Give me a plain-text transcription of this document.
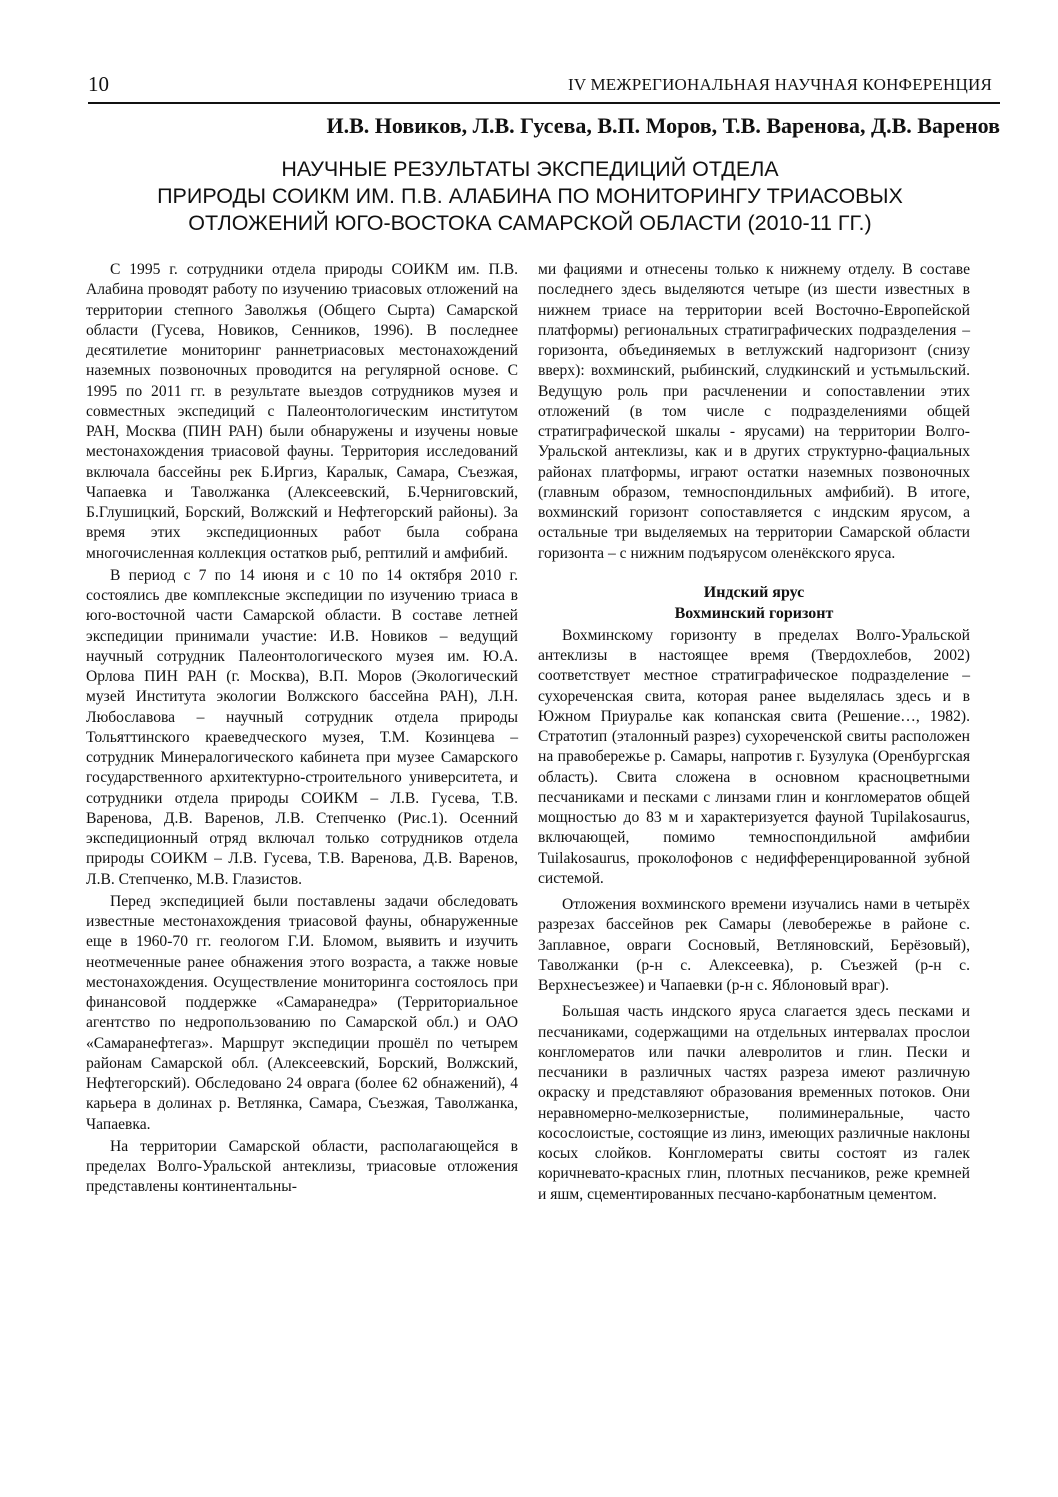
10	IV МЕЖРЕГИОНАЛЬНАЯ НАУЧНАЯ КОНФЕРЕНЦИЯ
И.В. Новиков, Л.В. Гусева, В.П. Моров, Т.В. Варенова, Д.В. Варенов
НАУЧНЫЕ РЕЗУЛЬТАТЫ ЭКСПЕДИЦИЙ ОТДЕЛА
ПРИРОДЫ СОИКМ ИМ. П.В. АЛАБИНА ПО МОНИТОРИНГУ ТРИАСОВЫХ
ОТЛОЖЕНИЙ ЮГО-ВОСТОКА САМАРСКОЙ ОБЛАСТИ (2010-11 ГГ.)

С 1995 г. сотрудники отдела природы СОИКМ им. П.В. Алабина проводят работу по изучению триасовых отложений на территории степного Заволжья (Общего Сырта) Самарской области (Гусева, Новиков, Сенников, 1996). В последнее десятилетие мониторинг раннетриасовых местонахождений наземных позвоночных проводится на регулярной основе. С 1995 по 2011 гг. в результате выездов сотрудников музея и совместных экспедиций с Палеонтологическим институтом РАН, Москва (ПИН РАН) были обнаружены и изучены новые местонахождения триасовой фауны. Территория исследований включала бассейны рек Б.Иргиз, Каралык, Самара, Съезжая, Чапаевка и Таволжанка (Алексеевский, Б.Черниговский, Б.Глушицкий, Борский, Волжский и Нефтегорский районы). За время этих экспедиционных работ была собрана многочисленная коллекция остатков рыб, рептилий и амфибий.

В период с 7 по 14 июня и с 10 по 14 октября 2010 г. состоялись две комплексные экспедиции по изучению триаса в юго-восточной части Самарской области. В составе летней экспедиции принимали участие: И.В. Новиков – ведущий научный сотрудник Палеонтологического музея им. Ю.А. Орлова ПИН РАН (г. Москва), В.П. Моров (Экологический музей Института экологии Волжского бассейна РАН), Л.Н. Любославова – научный сотрудник отдела природы Тольяттинского краеведческого музея, Т.М. Козинцева – сотрудник Минералогического кабинета при музее Самарского государственного архитектурно-строительного университета, и сотрудники отдела природы СОИКМ – Л.В. Гусева, Т.В. Варенова, Д.В. Варенов, Л.В. Степченко (Рис.1). Осенний экспедиционный отряд включал только сотрудников отдела природы СОИКМ – Л.В. Гусева, Т.В. Варенова, Д.В. Варенов, Л.В. Степченко, М.В. Глазистов.

Перед экспедицией были поставлены задачи обследовать известные местонахождения триасовой фауны, обнаруженные еще в 1960-70 гг. геологом Г.И. Бломом, выявить и изучить неотмеченные ранее обнажения этого возраста, а также новые местонахождения. Осуществление мониторинга состоялось при финансовой поддержке «Самаранедра» (Территориальное агентство по недропользованию по Самарской обл.) и ОАО «Самаранефтегаз». Маршрут экспедиции прошёл по четырем районам Самарской обл. (Алексеевский, Борский, Волжский, Нефтегорский). Обследовано 24 оврага (более 62 обнажений), 4 карьера в долинах р. Ветлянка, Самара, Съезжая, Таволжанка, Чапаевка.

На территории Самарской области, располагающейся в пределах Волго-Уральской антеклизы, триасовые отложения представлены континентальны-

ми фациями и отнесены только к нижнему отделу. В составе последнего здесь выделяются четыре (из шести известных в нижнем триасе на территории всей Восточно-Европейской платформы) региональных стратиграфических подразделения – горизонта, объединяемых в ветлужский надгоризонт (снизу вверх): вохминский, рыбинский, слудкинский и устьмыльский. Ведущую роль при расчленении и сопоставлении этих отложений (в том числе с подразделениями общей стратиграфической шкалы - ярусами) на территории Волго-Уральской антеклизы, как и в других структурно-фациальных районах платформы, играют остатки наземных позвоночных (главным образом, темноспондильных амфибий). В итоге, вохминский горизонт сопоставляется с индским ярусом, а остальные три выделяемых на территории Самарской области горизонта – с нижним подъярусом оленёкского яруса.

Индский ярус
Вохминский горизонт

Вохминскому горизонту в пределах Волго-Уральской антеклизы в настоящее время (Твердохлебов, 2002) соответствует местное стратиграфическое подразделение – сухореченская свита, которая ранее выделялась здесь и в Южном Приуралье как копанская свита (Решение…, 1982). Стратотип (эталонный разрез) сухореченской свиты расположен на правобережье р. Самары, напротив г. Бузулука (Оренбургская область). Свита сложена в основном красноцветными песчаниками и песками с линзами глин и конгломератов общей мощностью до 83 м и характеризуется фауной Tupilakosaurus, включающей, помимо темноспондильной амфибии Tuilakosaurus, проколофонов с недифференцированной зубной системой.

Отложения вохминского времени изучались нами в четырёх разрезах бассейнов рек Самары (левобережье в районе с. Заплавное, овраги Сосновый, Ветляновский, Берёзовый), Таволжанки (р-н с. Алексеевка), р. Съезжей (р-н с. Верхнесъезжее) и Чапаевки (р-н с. Яблоновый враг).

Большая часть индского яруса слагается здесь песками и песчаниками, содержащими на отдельных интервалах прослои конгломератов или пачки алевролитов и глин. Пески и песчаники в различных частях разреза имеют различную окраску и представляют образования временных потоков. Они неравномерно-мелкозернистые, полиминеральные, часто косослоистые, состоящие из линз, имеющих различные наклоны косых слойков. Конгломераты свиты состоят из галек коричневато-красных глин, плотных песчаников, реже кремней и яшм, сцементированных песчано-карбонатным цементом.
